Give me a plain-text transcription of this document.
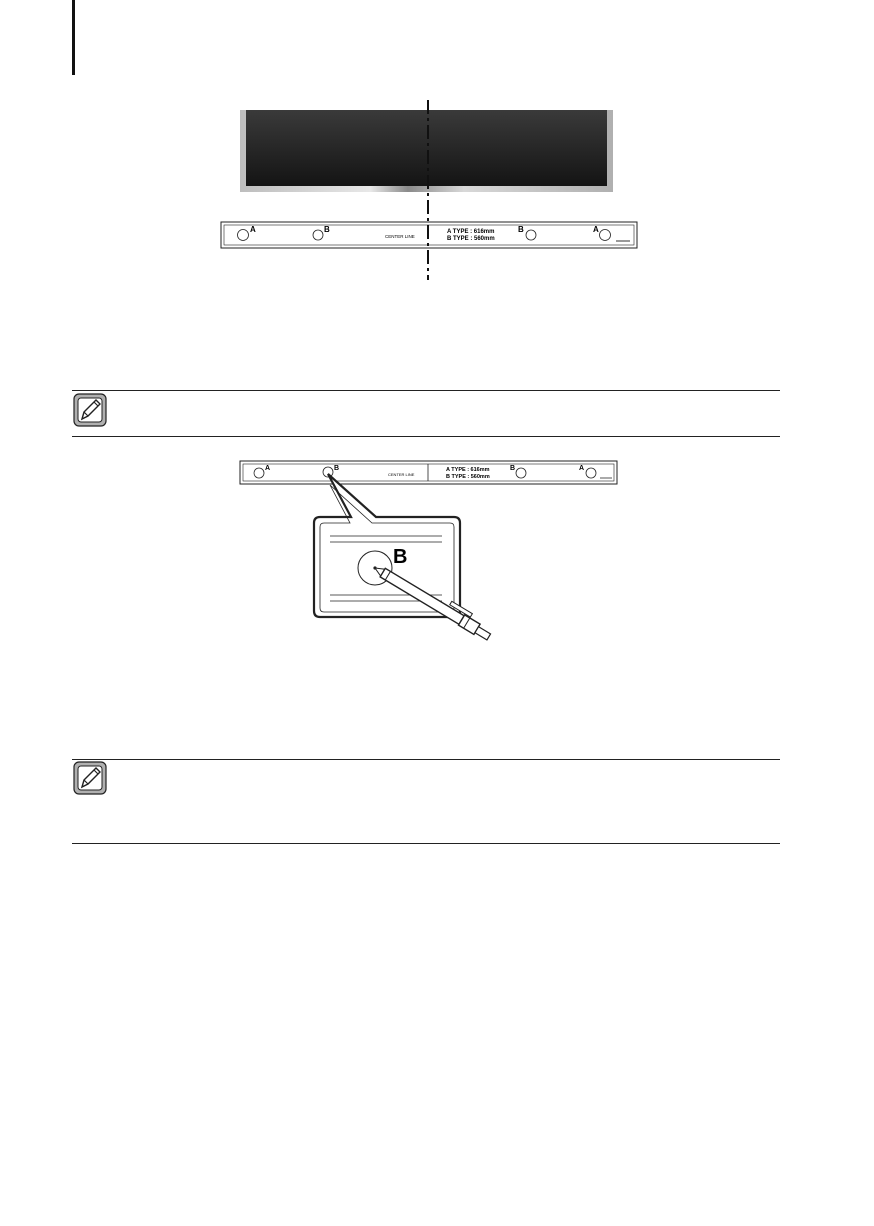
A	B
CENTER LINE
A TYPE : 616mm
B TYPE : 560mm
B	A
A	B
CENTER LINE
A TYPE : 616mm
B TYPE : 560mm
B	A
B
